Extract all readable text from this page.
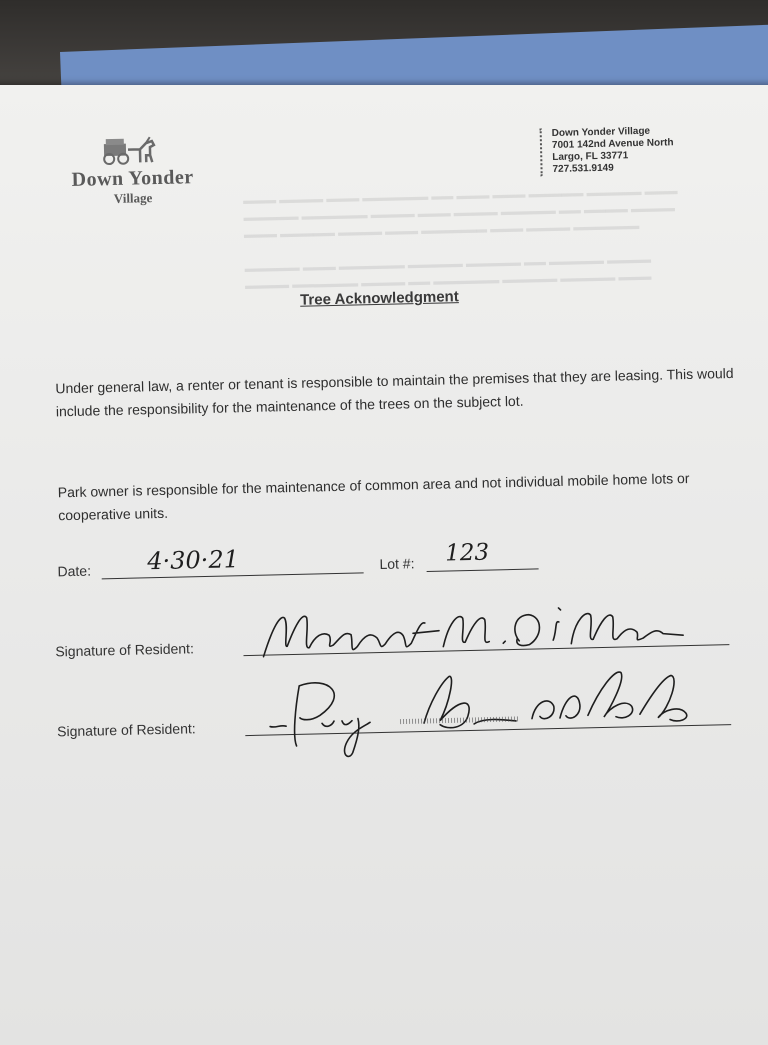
▬▬▬ ▬▬▬▬ ▬▬▬ ▬▬▬▬▬▬ ▬▬ ▬▬▬ ▬▬▬ ▬▬▬▬▬ ▬▬▬▬▬ ▬▬▬
▬▬▬▬▬ ▬▬▬▬▬▬ ▬▬▬▬ ▬▬▬ ▬▬▬▬ ▬▬▬▬▬ ▬▬ ▬▬▬▬ ▬▬▬▬
▬▬▬ ▬▬▬▬▬ ▬▬▬▬ ▬▬▬ ▬▬▬▬▬▬ ▬▬▬ ▬▬▬▬ ▬▬▬▬▬▬

▬▬▬▬▬ ▬▬▬ ▬▬▬▬▬▬ ▬▬▬▬▬ ▬▬▬▬▬ ▬▬ ▬▬▬▬▬ ▬▬▬▬
▬▬▬▬ ▬▬▬▬▬▬ ▬▬▬▬ ▬▬ ▬▬▬▬▬▬ ▬▬▬▬▬ ▬▬▬▬▬ ▬▬▬
Down Yonder
Village
Down Yonder Village
7001 142nd Avenue North
Largo, FL 33771
727.531.9149
Tree Acknowledgment
Under general law, a renter or tenant is responsible to maintain the premises that they are leasing. This would include the responsibility for the maintenance of the trees on the subject lot.
Park owner is responsible for the maintenance of common area and not individual mobile home lots or cooperative units.
Date: 4·30·21	Lot #: 123
Signature of Resident:
Signature of Resident:
